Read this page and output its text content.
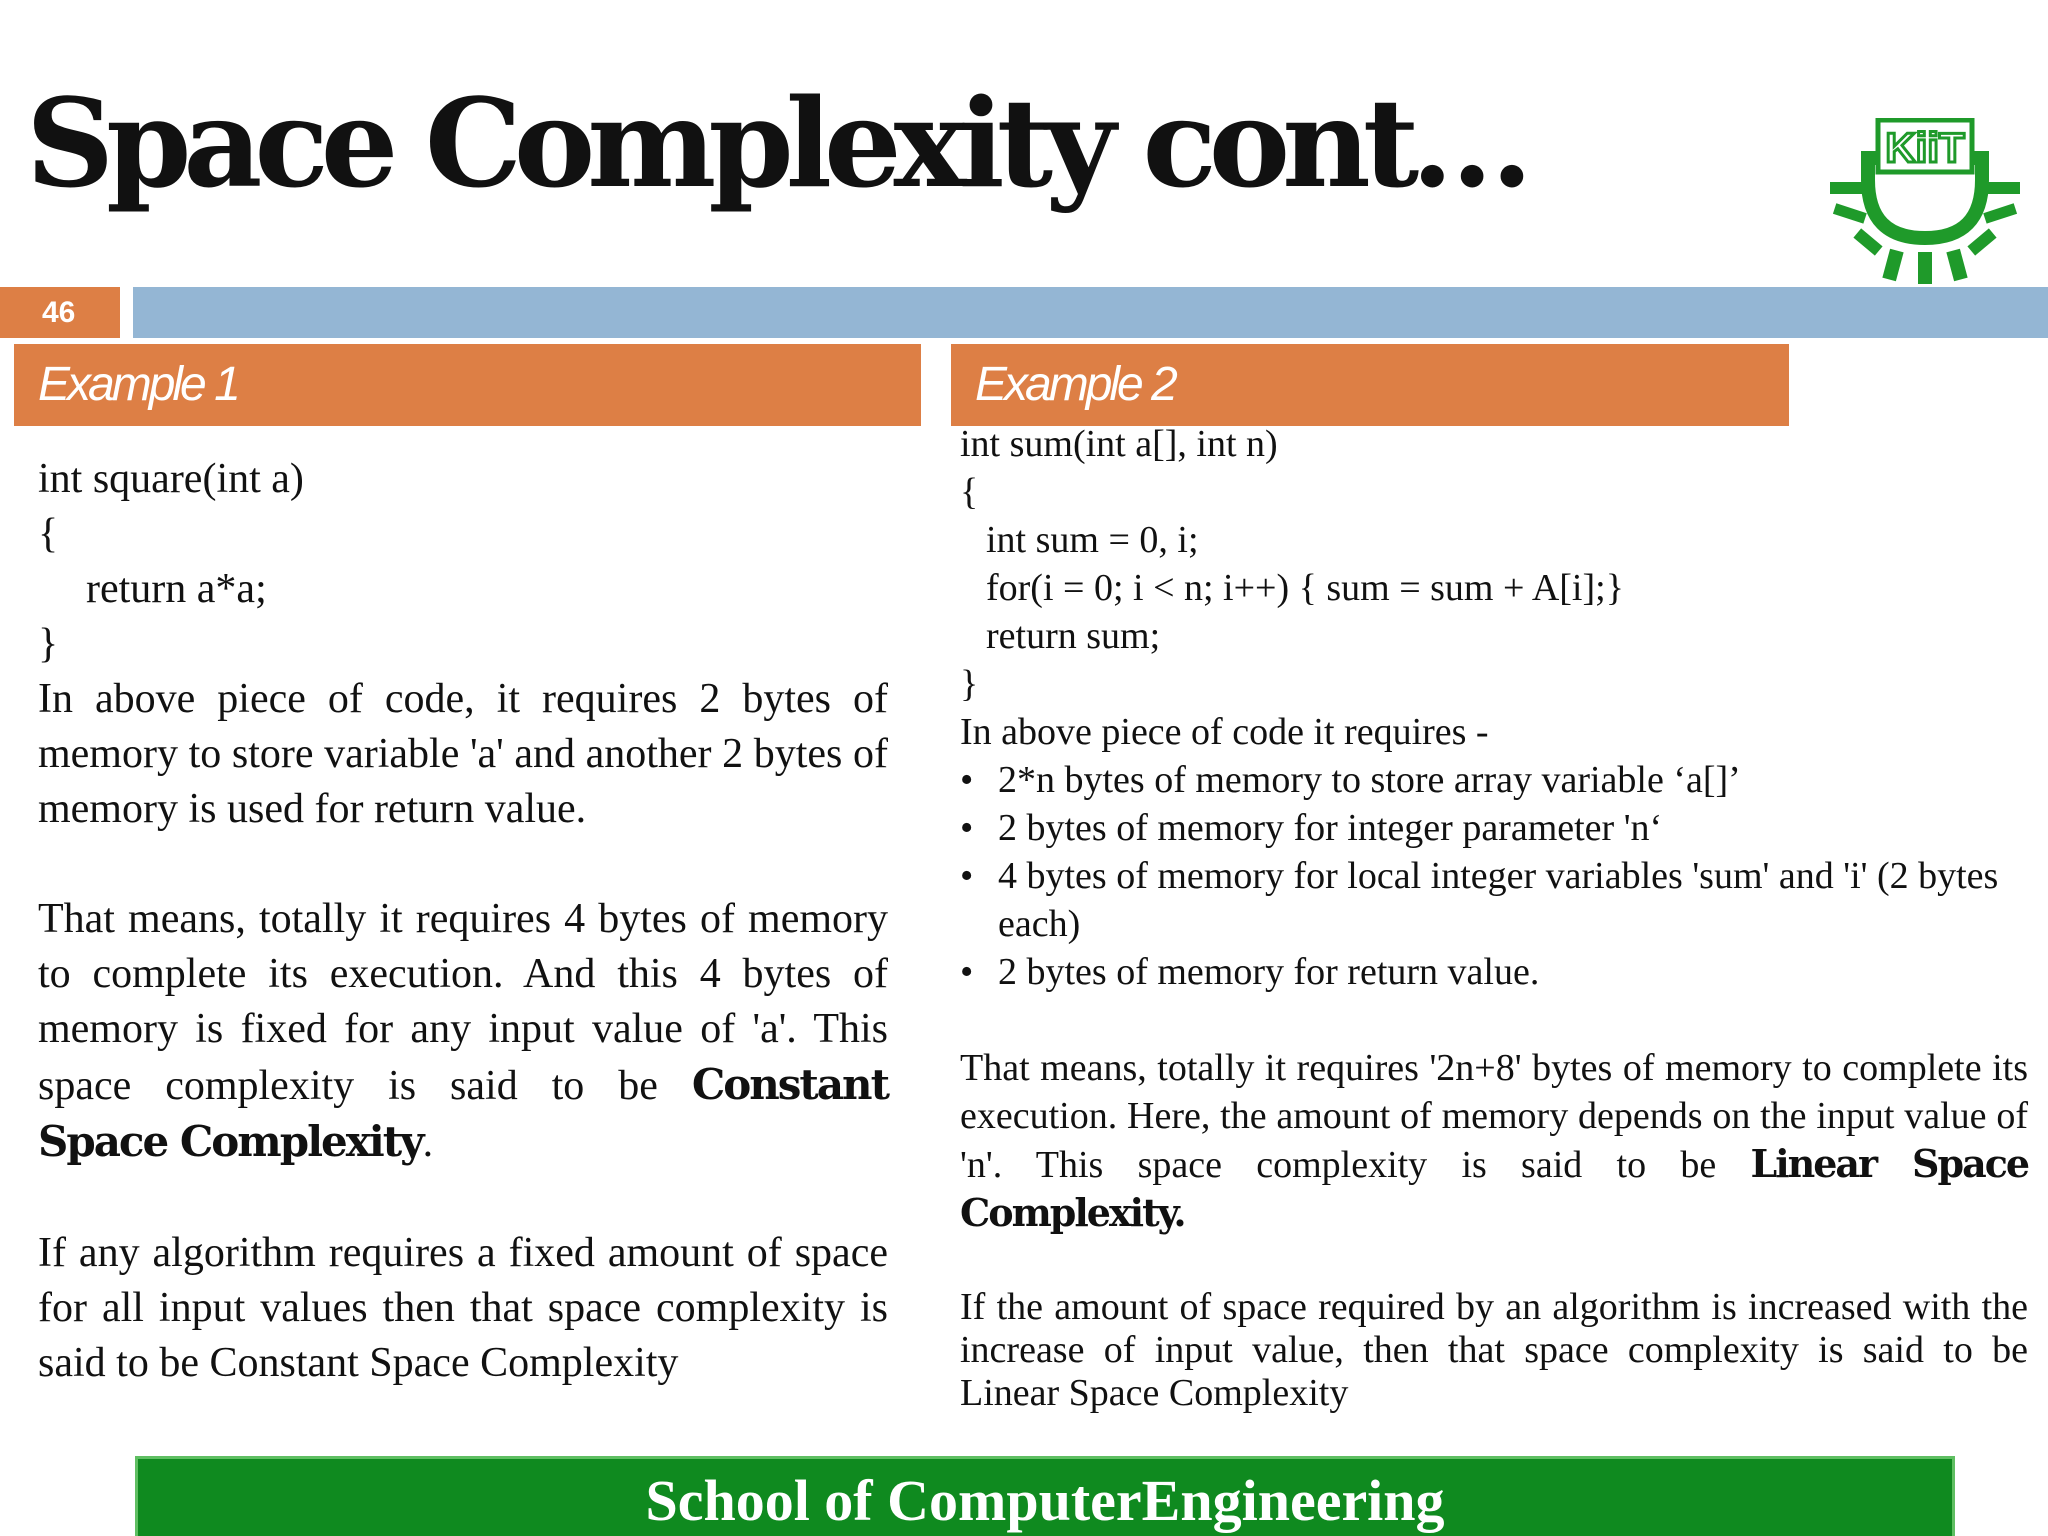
Space Complexity cont…	KiiT
46
Example 1	Example 2
int square(int a)
{
return a*a;
}
In above piece of code, it requires 2 bytes of memory to store variable 'a' and another 2 bytes of memory is used for return value.
That means, totally it requires 4 bytes of memory to complete its execution. And this 4 bytes of memory is fixed for any input value of 'a'. This space complexity is said to be Constant Space Complexity.
If any algorithm requires a fixed amount of space for all input values then that space complexity is said to be Constant Space Complexity
int sum(int a[], int n)
{
int sum = 0, i;
for(i = 0; i < n; i++) { sum = sum + A[i];}
return sum;
}
In above piece of code it requires -
• 2*n bytes of memory to store array variable ‘a[]’
• 2 bytes of memory for integer parameter 'n‘
• 4 bytes of memory for local integer variables 'sum' and 'i' (2 bytes each)
• 2 bytes of memory for return value.
That means, totally it requires '2n+8' bytes of memory to complete its execution. Here, the amount of memory depends on the input value of 'n'. This space complexity is said to be Linear Space Complexity.
If the amount of space required by an algorithm is increased with the increase of input value, then that space complexity is said to be Linear Space Complexity
School of ComputerEngineering
